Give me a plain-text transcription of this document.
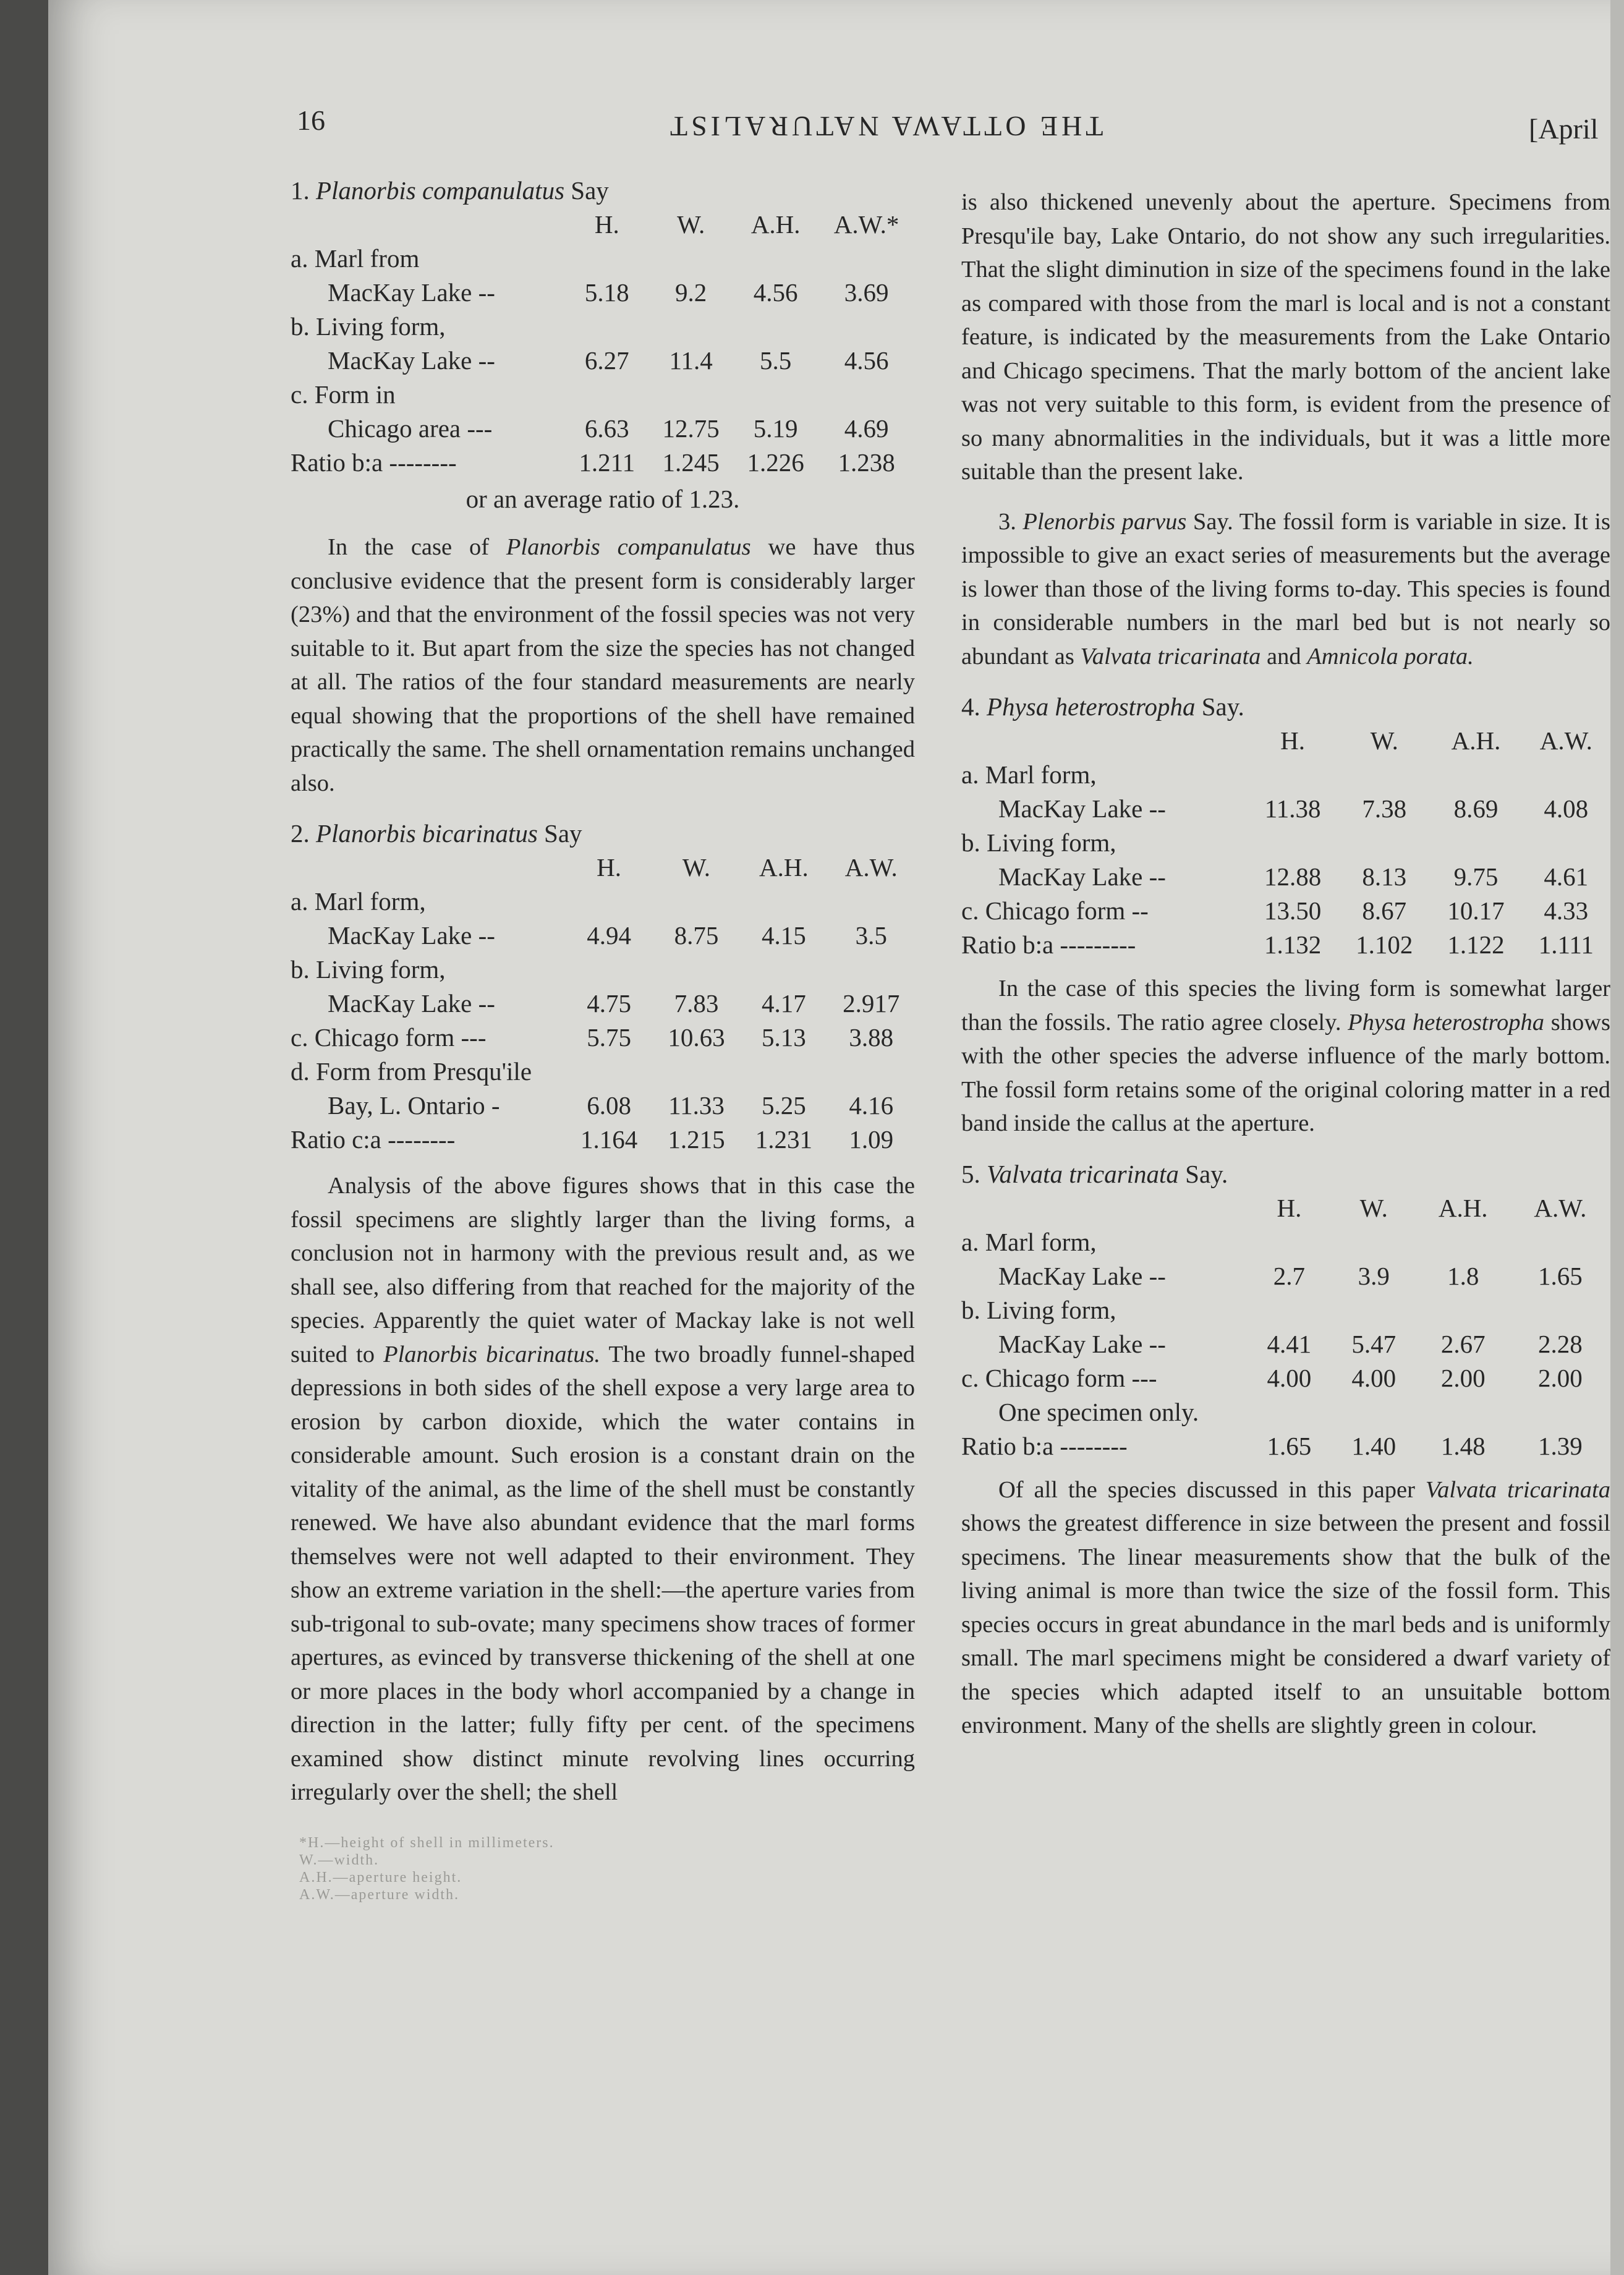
16	THE OTTAWA NATURALIST	[April
1. Planorbis companulatus Say
	H.	W.	A.H.	A.W.*
a. Marl from				
MacKay Lake --	5.18	9.2	4.56	3.69
b. Living form,				
MacKay Lake --	6.27	11.4	5.5	4.56
c. Form in				
Chicago area ---	6.63	12.75	5.19	4.69
Ratio b:a --------	1.211	1.245	1.226	1.238
or an average ratio of 1.23.

In the case of Planorbis companulatus we have thus conclusive evidence that the present form is considerably larger (23%) and that the environment of the fossil species was not very suitable to it. But apart from the size the species has not changed at all. The ratios of the four standard measurements are nearly equal showing that the proportions of the shell have remained practically the same. The shell ornamentation remains unchanged also.

2. Planorbis bicarinatus Say
	H.	W.	A.H.	A.W.
a. Marl form,				
MacKay Lake --	4.94	8.75	4.15	3.5
b. Living form,				
MacKay Lake --	4.75	7.83	4.17	2.917
c. Chicago form ---	5.75	10.63	5.13	3.88
d. Form from Presqu'ile				
Bay, L. Ontario -	6.08	11.33	5.25	4.16
Ratio c:a --------	1.164	1.215	1.231	1.09

Analysis of the above figures shows that in this case the fossil specimens are slightly larger than the living forms, a conclusion not in harmony with the previous result and, as we shall see, also differing from that reached for the majority of the species. Apparently the quiet water of Mackay lake is not well suited to Planorbis bicarinatus. The two broadly funnel-shaped depressions in both sides of the shell expose a very large area to erosion by carbon dioxide, which the water contains in considerable amount. Such erosion is a constant drain on the vitality of the animal, as the lime of the shell must be constantly renewed. We have also abundant evidence that the marl forms themselves were not well adapted to their environment. They show an extreme variation in the shell:—the aperture varies from sub-trigonal to sub-ovate; many specimens show traces of former apertures, as evinced by transverse thickening of the shell at one or more places in the body whorl accompanied by a change in direction in the latter; fully fifty per cent. of the specimens examined show distinct minute revolving lines occurring irregularly over the shell; the shell

*H.—height of shell in millimeters.
W.—width.
A.H.—aperture height.
A.W.—aperture width.

is also thickened unevenly about the aperture. Specimens from Presqu'ile bay, Lake Ontario, do not show any such irregularities. That the slight diminution in size of the specimens found in the lake as compared with those from the marl is local and is not a constant feature, is indicated by the measurements from the Lake Ontario and Chicago specimens. That the marly bottom of the ancient lake was not very suitable to this form, is evident from the presence of so many abnormalities in the individuals, but it was a little more suitable than the present lake.

3. Plenorbis parvus Say. The fossil form is variable in size. It is impossible to give an exact series of measurements but the average is lower than those of the living forms to-day. This species is found in considerable numbers in the marl bed but is not nearly so abundant as Valvata tricarinata and Amnicola porata.

4. Physa heterostropha Say.
	H.	W.	A.H.	A.W.
a. Marl form,				
MacKay Lake --	11.38	7.38	8.69	4.08
b. Living form,				
MacKay Lake --	12.88	8.13	9.75	4.61
c. Chicago form --	13.50	8.67	10.17	4.33
Ratio b:a ---------	1.132	1.102	1.122	1.111

In the case of this species the living form is somewhat larger than the fossils. The ratio agree closely. Physa heterostropha shows with the other species the adverse influence of the marly bottom. The fossil form retains some of the original coloring matter in a red band inside the callus at the aperture.

5. Valvata tricarinata Say.
	H.	W.	A.H.	A.W.
a. Marl form,				
MacKay Lake --	2.7	3.9	1.8	1.65
b. Living form,				
MacKay Lake --	4.41	5.47	2.67	2.28
c. Chicago form ---	4.00	4.00	2.00	2.00
One specimen only.				
Ratio b:a --------	1.65	1.40	1.48	1.39

Of all the species discussed in this paper Valvata tricarinata shows the greatest difference in size between the present and fossil specimens. The linear measurements show that the bulk of the living animal is more than twice the size of the fossil form. This species occurs in great abundance in the marl beds and is uniformly small. The marl specimens might be considered a dwarf variety of the species which adapted itself to an unsuitable bottom environment. Many of the shells are slightly green in colour.
